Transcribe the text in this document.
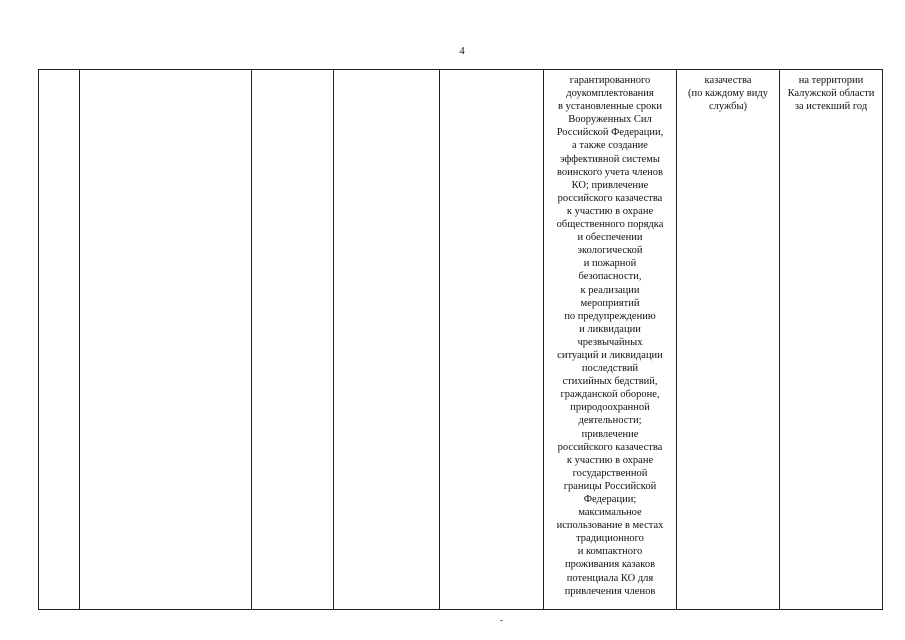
4
гарантированного
доукомплектования
в установленные сроки
Вооруженных Сил
Российской Федерации,
а также создание
эффективной системы
воинского учета членов
КО; привлечение
российского казачества
к участию в охране
общественного порядка
и обеспечении
экологической
и пожарной
безопасности,
к реализации
мероприятий
по предупреждению
и ликвидации
чрезвычайных
ситуаций и ликвидации
последствий
стихийных бедствий,
гражданской обороне,
природоохранной
деятельности;
привлечение
российского казачества
к участию в охране
государственной
границы Российской
Федерации;
максимальное
использование в местах
традиционного
и компактного
проживания казаков
потенциала КО для
привлечения членов
казачества
(по каждому виду
службы)
на территории
Калужской области
за истекший год
